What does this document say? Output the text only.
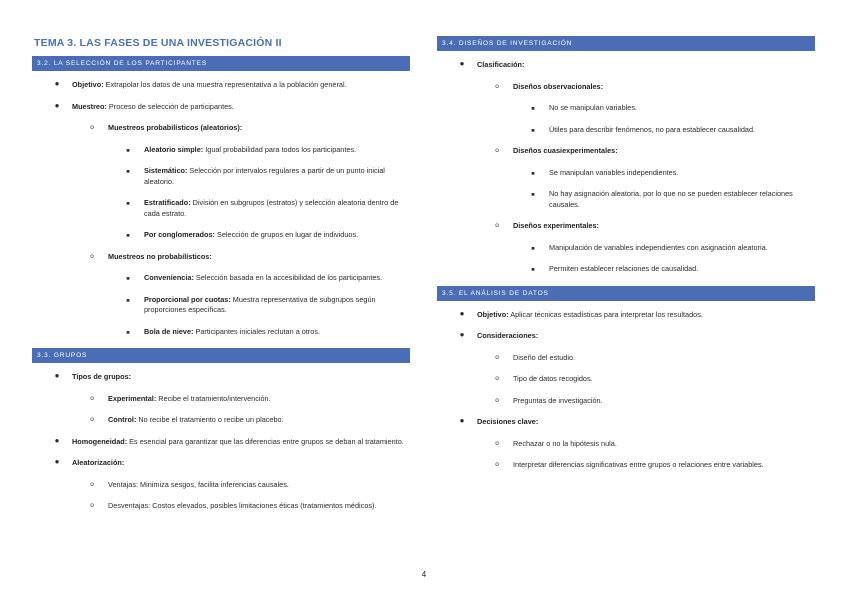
TEMA 3. LAS FASES DE UNA INVESTIGACIÓN II
3.2. LA SELECCIÓN DE LOS PARTICIPANTES
●	Objetivo: Extrapolar los datos de una muestra representativa a la población general.
●	Muestreo: Proceso de selección de participantes.
o	Muestreos probabilísticos (aleatorios):
■	Aleatorio simple: Igual probabilidad para todos los participantes.
■	Sistemático: Selección por intervalos regulares a partir de un punto inicial aleatorio.
■	Estratificado: División en subgrupos (estratos) y selección aleatoria dentro de cada estrato.
■	Por conglomerados: Selección de grupos en lugar de individuos.
o	Muestreos no probabilísticos:
■	Conveniencia: Selección basada en la accesibilidad de los participantes.
■	Proporcional por cuotas: Muestra representativa de subgrupos según proporciones específicas.
■	Bola de nieve: Participantes iniciales reclutan a otros.
3.3. GRUPOS
●	Tipos de grupos:
o	Experimental: Recibe el tratamiento/intervención.
o	Control: No recibe el tratamiento o recibe un placebo.
●	Homogeneidad: Es esencial para garantizar que las diferencias entre grupos se deban al tratamiento.
●	Aleatorización:
o	Ventajas: Minimiza sesgos, facilita inferencias causales.
o	Desventajas: Costos elevados, posibles limitaciones éticas (tratamientos médicos).
3.4. DISEÑOS DE INVESTIGACIÓN
●	Clasificación:
o	Diseños observacionales:
■	No se manipulan variables.
■	Útiles para describir fenómenos, no para establecer causalidad.
o	Diseños cuasiexperimentales:
■	Se manipulan variables independientes.
■	No hay asignación aleatoria, por lo que no se pueden establecer relaciones causales.
o	Diseños experimentales:
■	Manipulación de variables independientes con asignación aleatoria.
■	Permiten establecer relaciones de causalidad.
3.5. EL ANÁLISIS DE DATOS
●	Objetivo: Aplicar técnicas estadísticas para interpretar los resultados.
●	Consideraciones:
o	Diseño del estudio.
o	Tipo de datos recogidos.
o	Preguntas de investigación.
●	Decisiones clave:
o	Rechazar o no la hipótesis nula.
o	Interpretar diferencias significativas entre grupos o relaciones entre variables.
4
